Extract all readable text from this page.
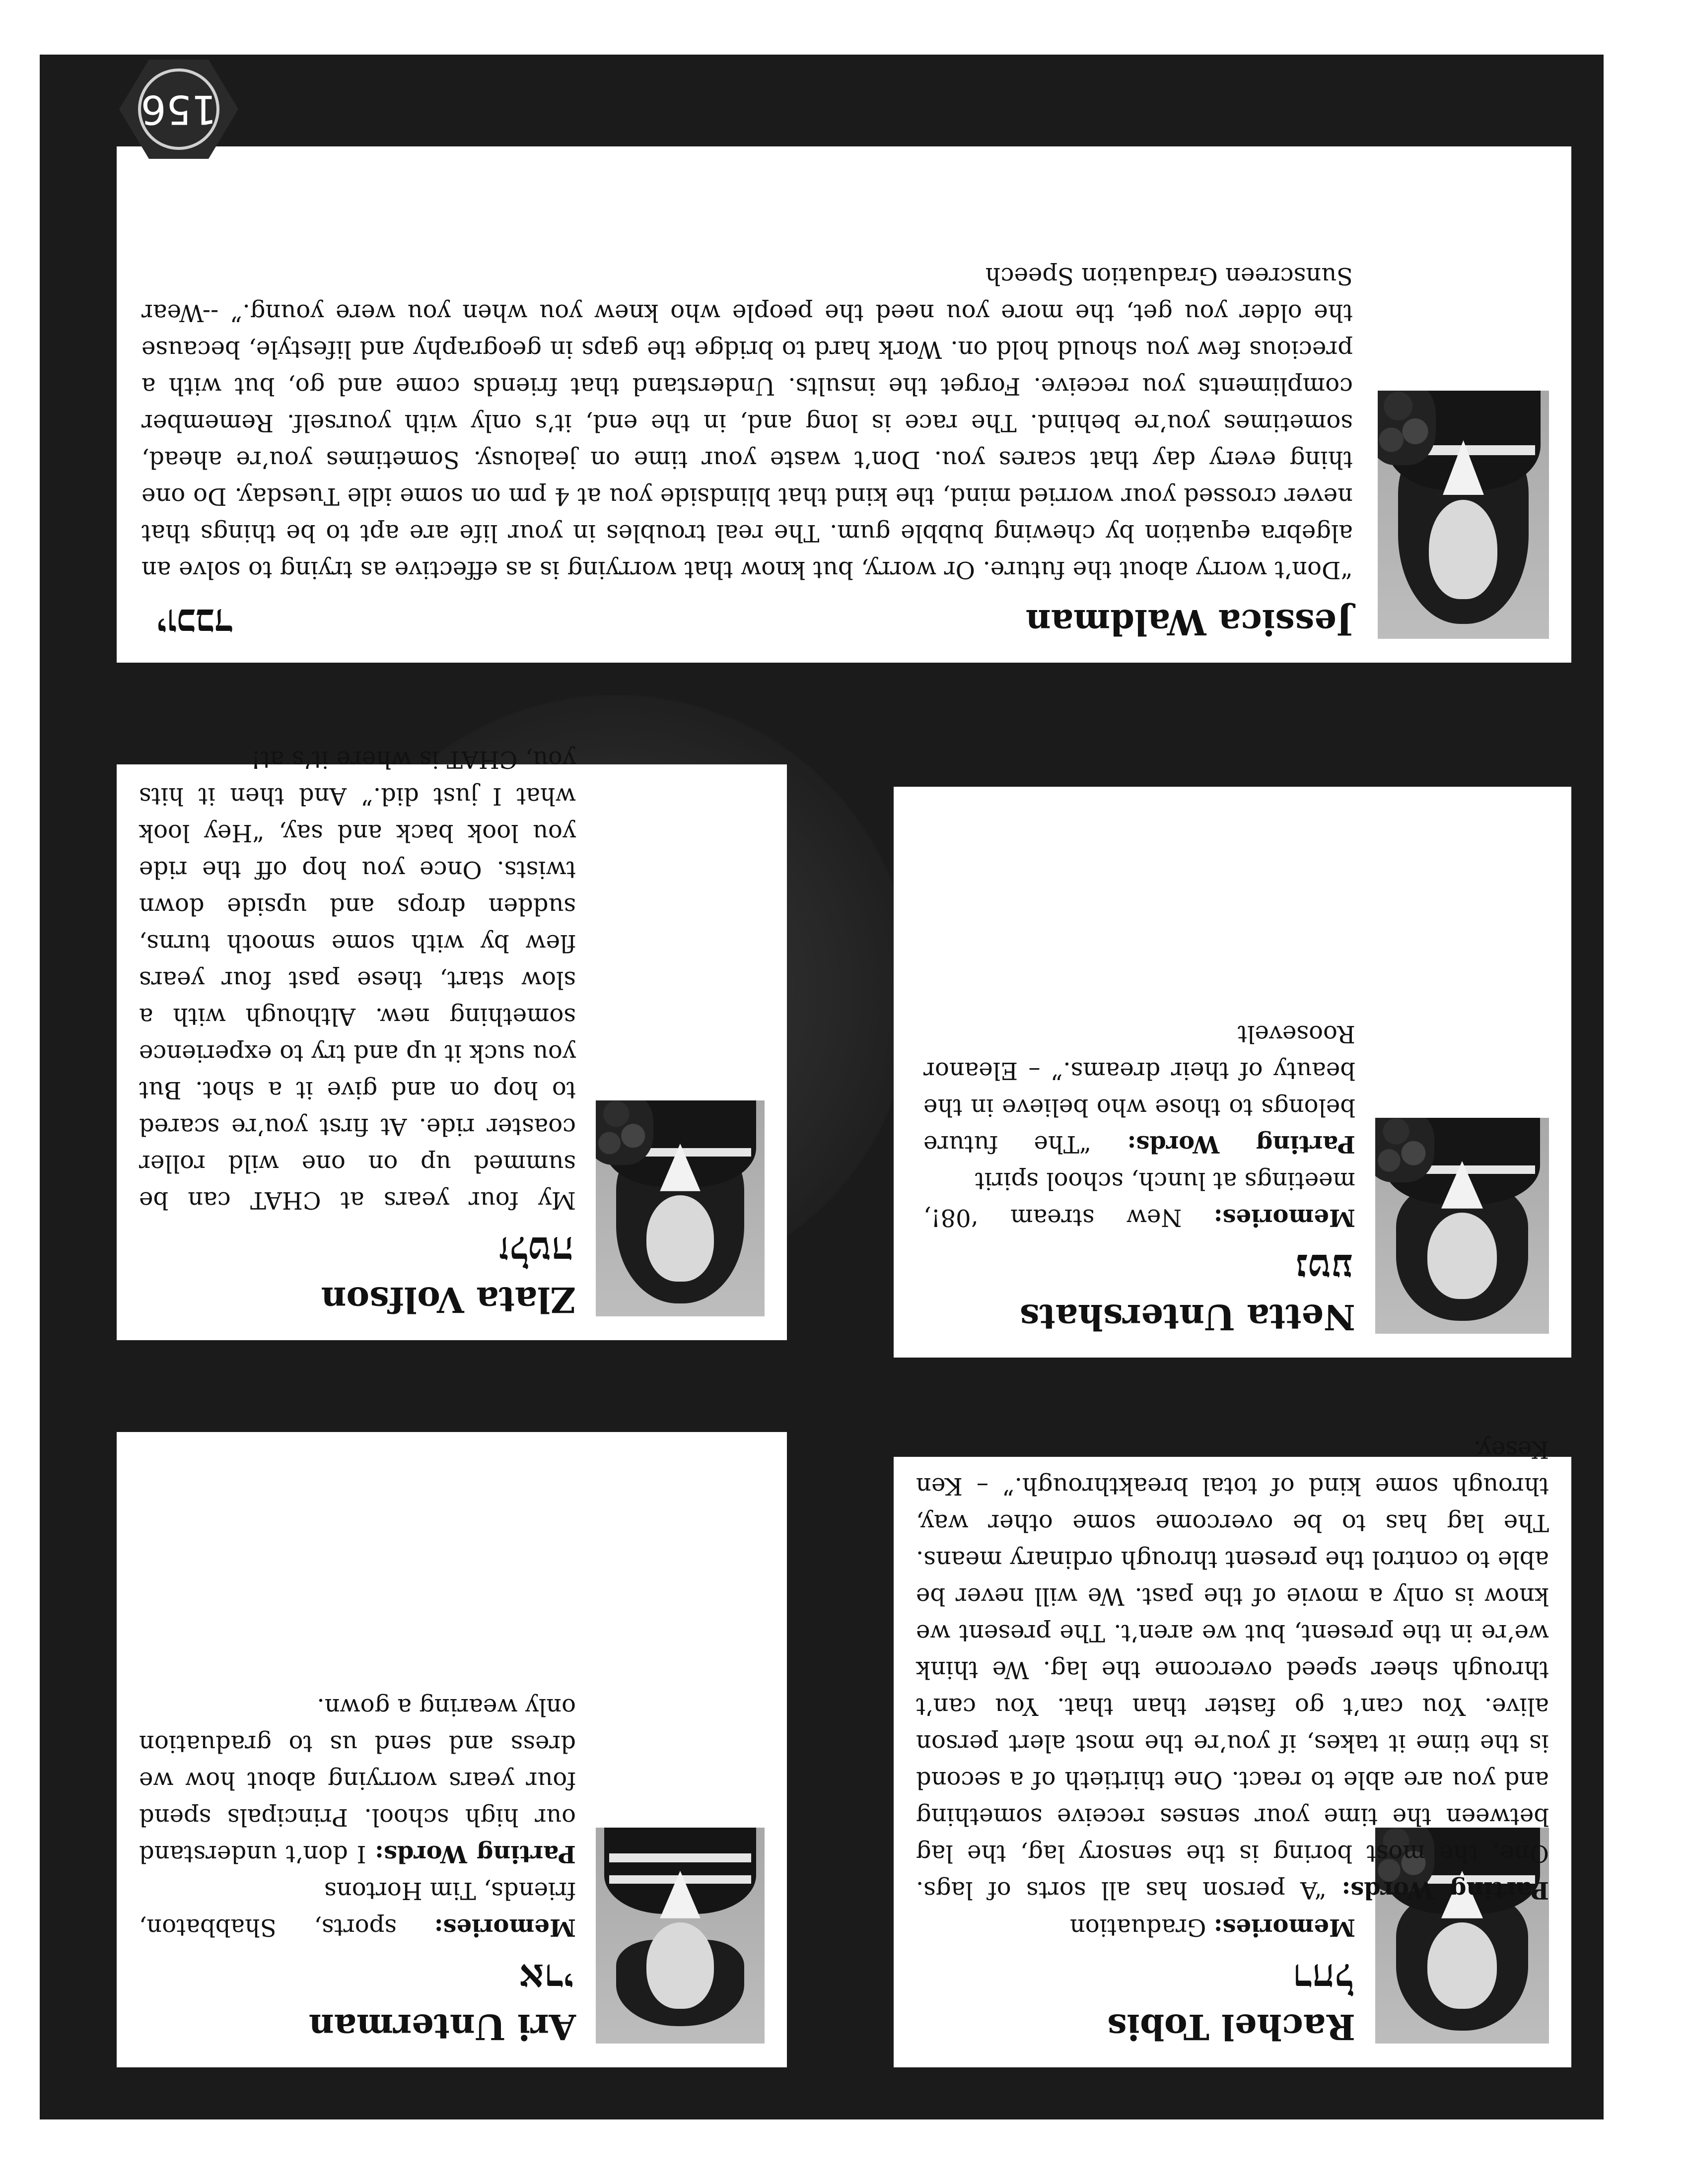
Rachel Tobis
רחל

Memories: Graduation

Parting Words: “A person has all sorts of lags. One, the most boring is the sensory lag, the lag between the time your senses receive something and you are able to react. One thirtieth of a second is the time it takes, if you’re the most alert person alive. You can’t go faster than that. You can’t through sheer speed overcome the lag. We think we’re in the present, but we aren’t. The present we know is only a movie of the past. We will never be able to control the present through ordinary means. The lag has to be overcome some other way, through some kind of total breakthrough.” – Ken Kesey.

Ari Unterman
ארי

Memories: sports, Shabbaton, friends, Tim Hortons
Parting Words: I don’t understand our high school. Principals spend four years worrying about how we dress and send us to graduation only wearing a gown.

Netta Untershats
נטע

Memories: New stream ‘08!, meetings at lunch, school spirit
Parting Words: “The future belongs to those who believe in the beauty of their dreams.” – Eleanor Roosevelt

Zlata Volfson
זלטה

My four years at CHAT can be summed up on one wild roller coaster ride. At first you’re scared to hop on and give it a shot. But you suck it up and try to experience something new. Although with a slow start, these past four years flew by with some smooth turns, sudden drops and upside down twists. Once you hop off the ride you look back and say, “Hey look what I just did.” And then it hits you, CHAT is where it’s at!

Jessica Waldman
יוכבד

“Don’t worry about the future. Or worry, but know that worrying is as effective as trying to solve an algebra equation by chewing bubble gum. The real troubles in your life are apt to be things that never crossed your worried mind, the kind that blindside you at 4 pm on some idle Tuesday. Do one thing every day that scares you. Don’t waste your time on jealousy. Sometimes you’re ahead, sometimes you’re behind. The race is long and, in the end, it’s only with yourself. Remember compliments you receive. Forget the insults. Understand that friends come and go, but with a precious few you should hold on. Work hard to bridge the gaps in geography and lifestyle, because the older you get, the more you need the people who knew you when you were young.” --Wear Sunscreen Graduation Speech

156
